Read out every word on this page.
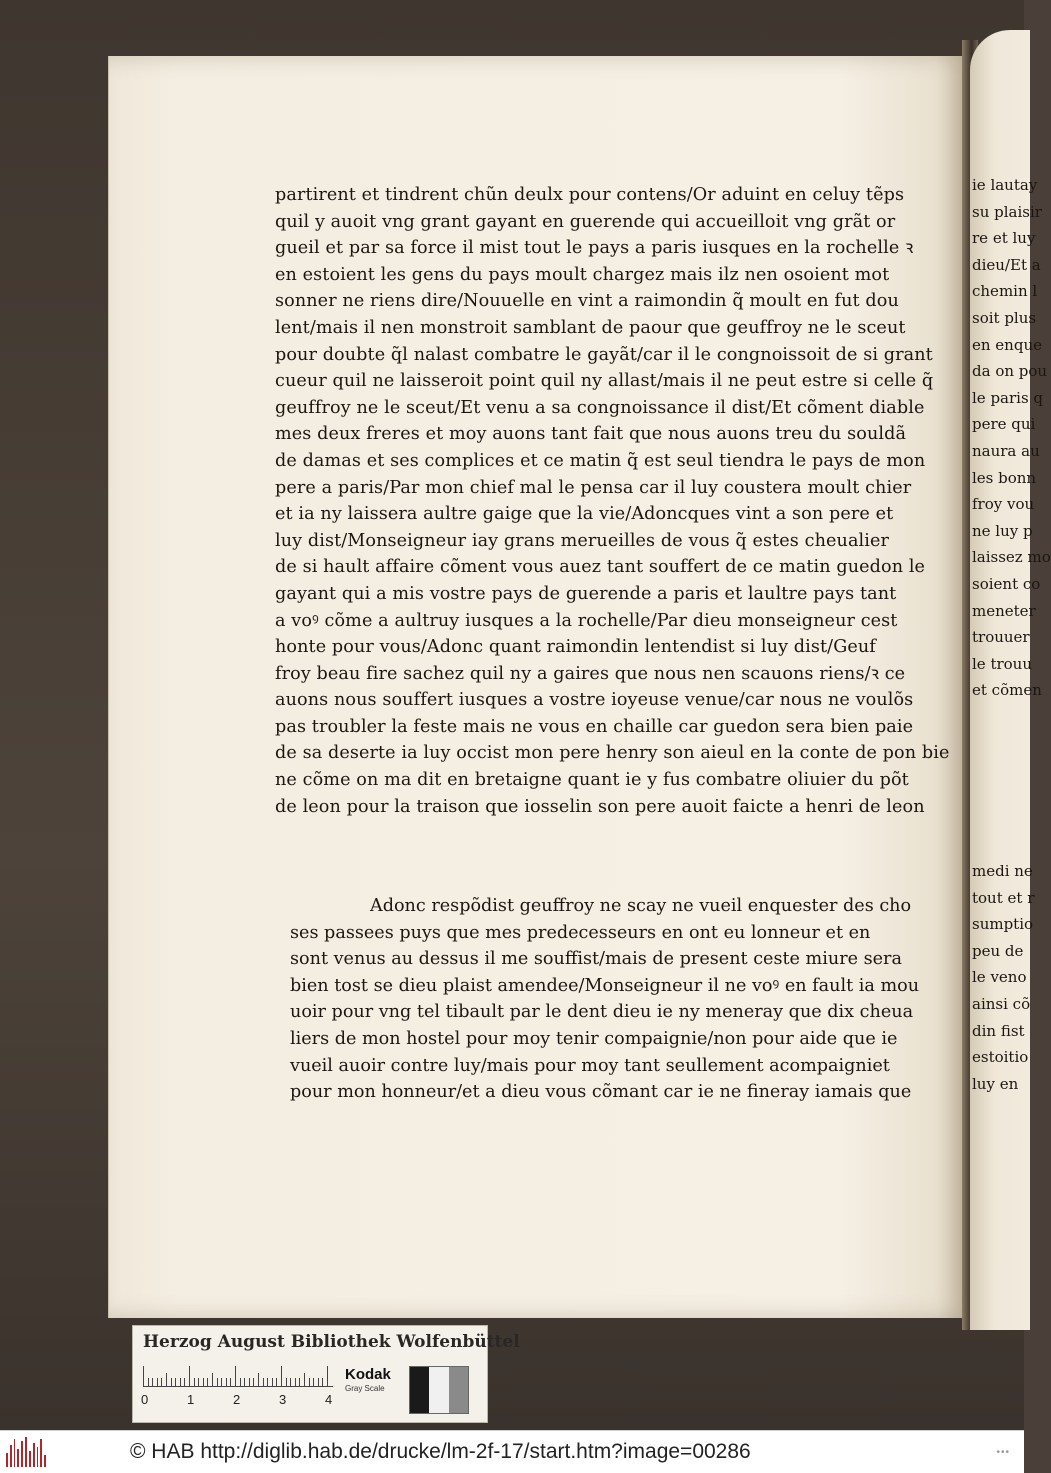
partirent et tindrent chũn deulx pour contens/Or aduint en celuy tẽps
quil y auoit vng grant gayant en guerende qui accueilloit vng grãt or
gueil et par sa force il mist tout le pays a paris iusques en la rochelle ꝛ
en estoient les gens du pays moult chargez mais ilz nen osoient mot
sonner ne riens dire/Nouuelle en vint a raimondin q̃ moult en fut dou
lent/mais il nen monstroit samblant de paour que geuffroy ne le sceut
pour doubte q̃l nalast combatre le gayãt/car il le congnoissoit de si grant
cueur quil ne laisseroit point quil ny allast/mais il ne peut estre si celle q̃
geuffroy ne le sceut/Et venu a sa congnoissance il dist/Et cõment diable
mes deux freres et moy auons tant fait que nous auons treu du souldã
de damas et ses complices et ce matin q̃ est seul tiendra le pays de mon
pere a paris/Par mon chief mal le pensa car il luy coustera moult chier
et ia ny laissera aultre gaige que la vie/Adoncques vint a son pere et
luy dist/Monseigneur iay grans merueilles de vous q̃ estes cheualier
de si hault affaire cõment vous auez tant souffert de ce matin guedon le
gayant qui a mis vostre pays de guerende a paris et laultre pays tant
a voꝰ cõme a aultruy iusques a la rochelle/Par dieu monseigneur cest
honte pour vous/Adonc quant raimondin lentendist si luy dist/Geuf
froy beau fire sachez quil ny a gaires que nous nen scauons riens/ꝛ ce
auons nous souffert iusques a vostre ioyeuse venue/car nous ne voulõs
pas troubler la feste mais ne vous en chaille car guedon sera bien paie
de sa deserte ia luy occist mon pere henry son aieul en la conte de pon bie
ne cõme on ma dit en bretaigne quant ie y fus combatre oliuier du põt
de leon pour la traison que iosselin son pere auoit faicte a henri de leon
Adonc respõdist geuffroy ne scay ne vueil enquester des cho
ses passees puys que mes predecesseurs en ont eu lonneur et en
sont venus au dessus il me souffist/mais de present ceste miure sera
bien tost se dieu plaist amendee/Monseigneur il ne voꝰ en fault ia mou
uoir pour vng tel tibault par le dent dieu ie ny meneray que dix cheua
liers de mon hostel pour moy tenir compaignie/non pour aide que ie
vueil auoir contre luy/mais pour moy tant seullement acompaigniet
pour mon honneur/et a dieu vous cõmant car ie ne fineray iamais que
ie lautay
su plaisir
re et luy
dieu/Et a
chemin l
soit plus
en enque
da on pou
le paris q
pere qui
naura au
les bonn
froy vou
ne luy p
laissez mo
soient co
meneter
trouuer
le trouu
et cõmen
medi ne
tout et r
sumptio
peu de
le veno
ainsi cõ
din fist
estoitio
luy en
Herzog August Bibliothek Wolfenbüttel
0	1	2	3	4
Kodak
Gray Scale
© HAB http://diglib.hab.de/drucke/lm-2f-17/start.htm?image=00286	•••
